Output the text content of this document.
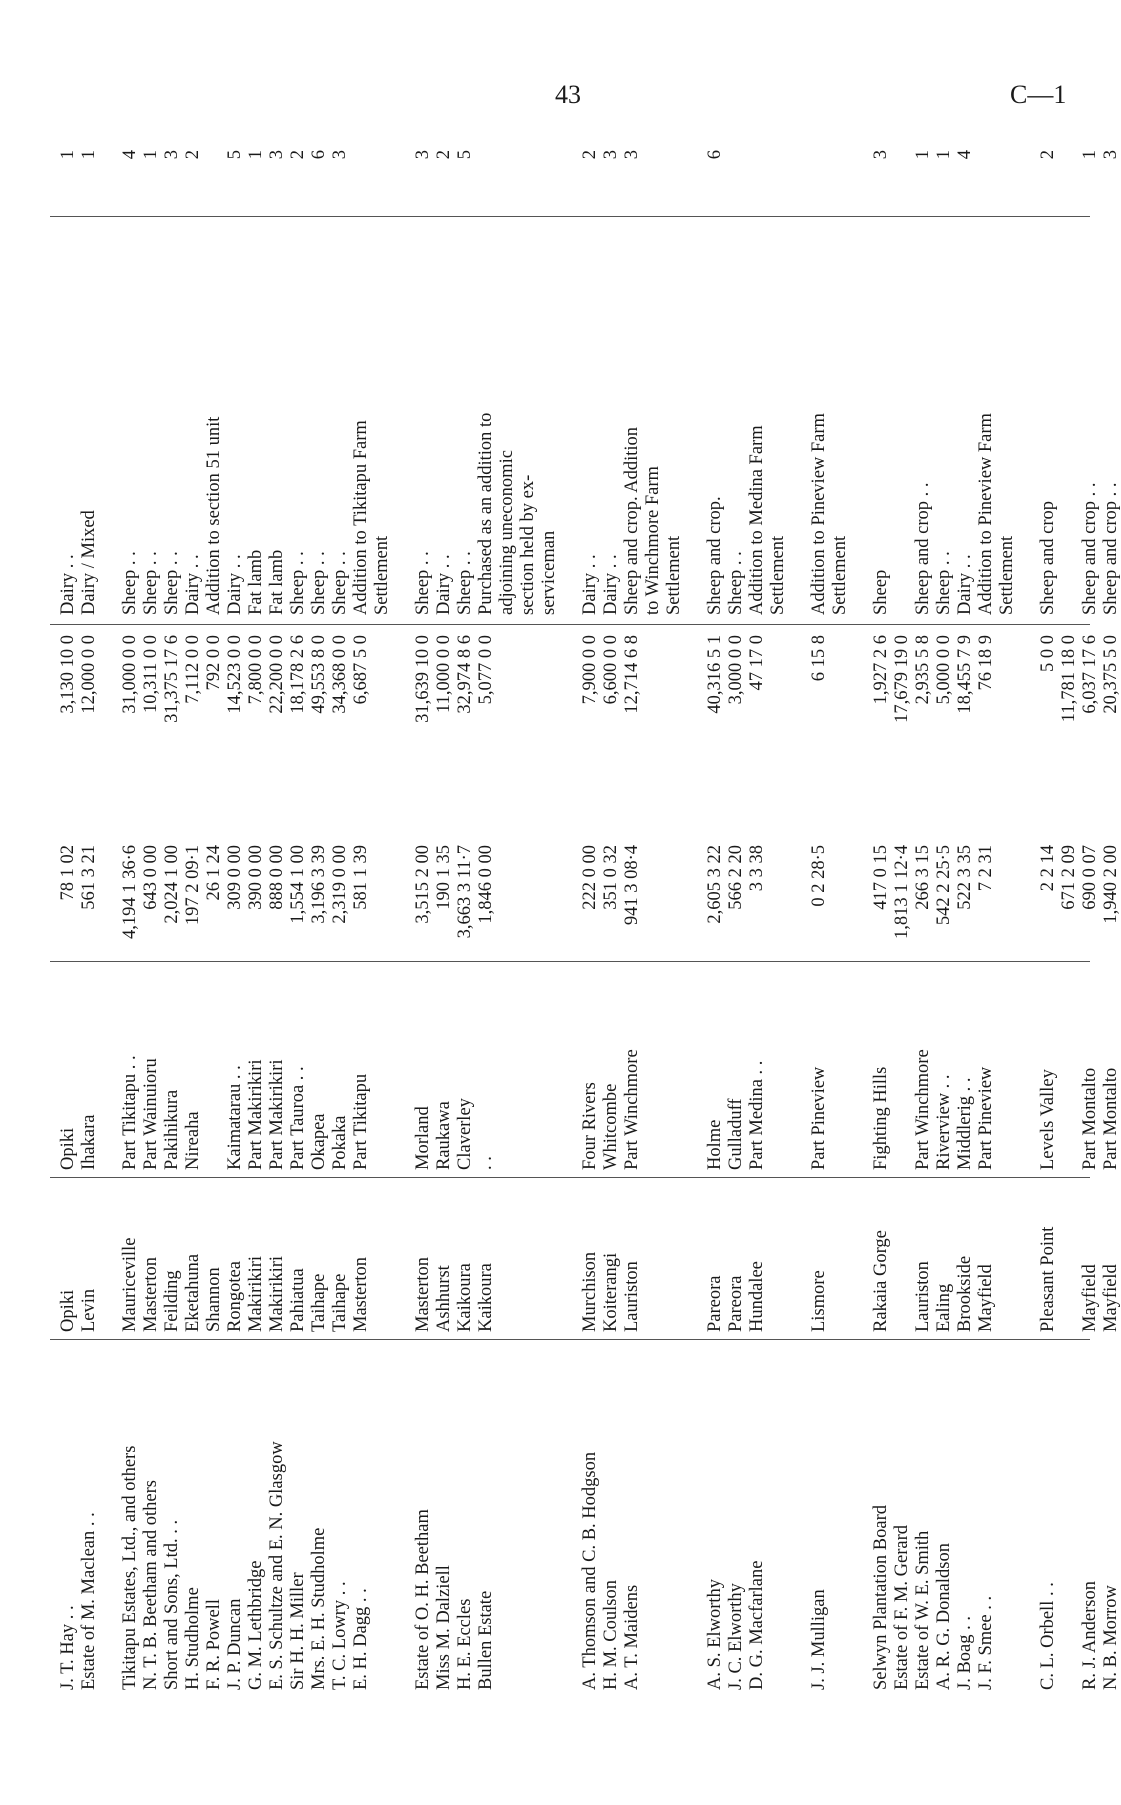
43	C—1
J. T. Hay . .
Opiki
Opiki
78 1 02
3,130 10 0
Dairy . .
1
Estate of M. Maclean . .
Levin
Ihakara
561 3 21
12,000 0 0
Dairy / Mixed
1
Tikitapu Estates, Ltd., and others
Mauriceville
Part Tikitapu . .
4,194 1 36·6
31,000 0 0
Sheep . .
4
N. T. B. Beetham and others
Masterton
Part Wainuioru
643 0 00
10,311 0 0
Sheep . .
1
Short and Sons, Ltd. . .
Feilding
Pakihikura
2,024 1 00
31,375 17 6
Sheep . .
3
H. Studholme
Eketahuna
Nireaha
197 2 09·1
7,112 0 0
Dairy . .
2
F. R. Powell
Shannon
26 1 24
792 0 0
Addition to section 51 unit
J. P. Duncan
Rongotea
Kaimatarau . .
309 0 00
14,523 0 0
Dairy . .
5
G. M. Lethbridge
Makirikiri
Part Makirikiri
390 0 00
7,800 0 0
Fat lamb
1
E. S. Schultze and E. N. Glasgow
Makirikiri
Part Makirikiri
888 0 00
22,200 0 0
Fat lamb
3
Sir H. H. Miller
Pahiatua
Part Tauroa . .
1,554 1 00
18,178 2 6
Sheep . .
2
Mrs. E. H. Studholme
Taihape
Okapea
3,196 3 39
49,553 8 0
Sheep . .
6
T. C. Lowry . .
Taihape
Pokaka
2,319 0 00
34,368 0 0
Sheep . .
3
E. H. Dagg . .
Masterton
Part Tikitapu
581 1 39
6,687 5 0
Addition to Tikitapu Farm Settlement
Estate of O. H. Beetham
Masterton
Morland
3,515 2 00
31,639 10 0
Sheep . .
3
Miss M. Dalziell
Ashhurst
Raukawa
190 1 35
11,000 0 0
Dairy . .
2
H. E. Eccles
Kaikoura
Claverley
3,663 3 11·7
32,974 8 6
Sheep . .
5
Bullen Estate
Kaikoura
. .
1,846 0 00
5,077 0 0
Purchased as an addition to adjoining uneconomic section held by ex- serviceman
A. Thomson and C. B. Hodgson
Murchison
Four Rivers
222 0 00
7,900 0 0
Dairy . .
2
H. M. Coulson
Koiterangi
Whitcombe
351 0 32
6,600 0 0
Dairy . .
3
A. T. Maidens
Lauriston
Part Winchmore
941 3 08·4
12,714 6 8
Sheep and crop. Addition
3
to Winchmore Farm Settlement
A. S. Elworthy
Pareora
Holme
2,605 3 22
40,316 5 1
Sheep and crop.
6
J. C. Elworthy
Pareora
Gulladuff
566 2 20
3,000 0 0
Sheep . .
D. G. Macfarlane
Hundalee
Part Medina . .
3 3 38
47 17 0
Addition to Medina Farm Settlement
J. J. Mulligan
Lismore
Part Pineview
0 2 28·5
6 15 8
Addition to Pineview Farm Settlement
Selwyn Plantation Board
Rakaia Gorge
Fighting Hills
417 0 15
1,927 2 6
Sheep
3
Estate of F. M. Gerard
1,813 1 12·4
17,679 19 0
Estate of W. E. Smith
Lauriston
Part Winchmore
266 3 15
2,935 5 8
Sheep and crop . .
1
A. R. G. Donaldson
Ealing
Riverview . .
542 2 25·5
5,000 0 0
Sheep . .
1
J. Boag . .
Brookside
Middlerig . .
522 3 35
18,455 7 9
Dairy . .
4
J. F. Smee . .
Mayfield
Part Pineview
7 2 31
76 18 9
Addition to Pineview Farm Settlement
C. L. Orbell . .
Pleasant Point
Levels Valley
2 2 14
5 0 0
Sheep and crop
2
671 2 09
11,781 18 0
R. J. Anderson
Mayfield
Part Montalto
690 0 07
6,037 17 6
Sheep and crop . .
1
N. B. Morrow
Mayfield
Part Montalto
1,940 2 00
20,375 5 0
Sheep and crop . .
3
